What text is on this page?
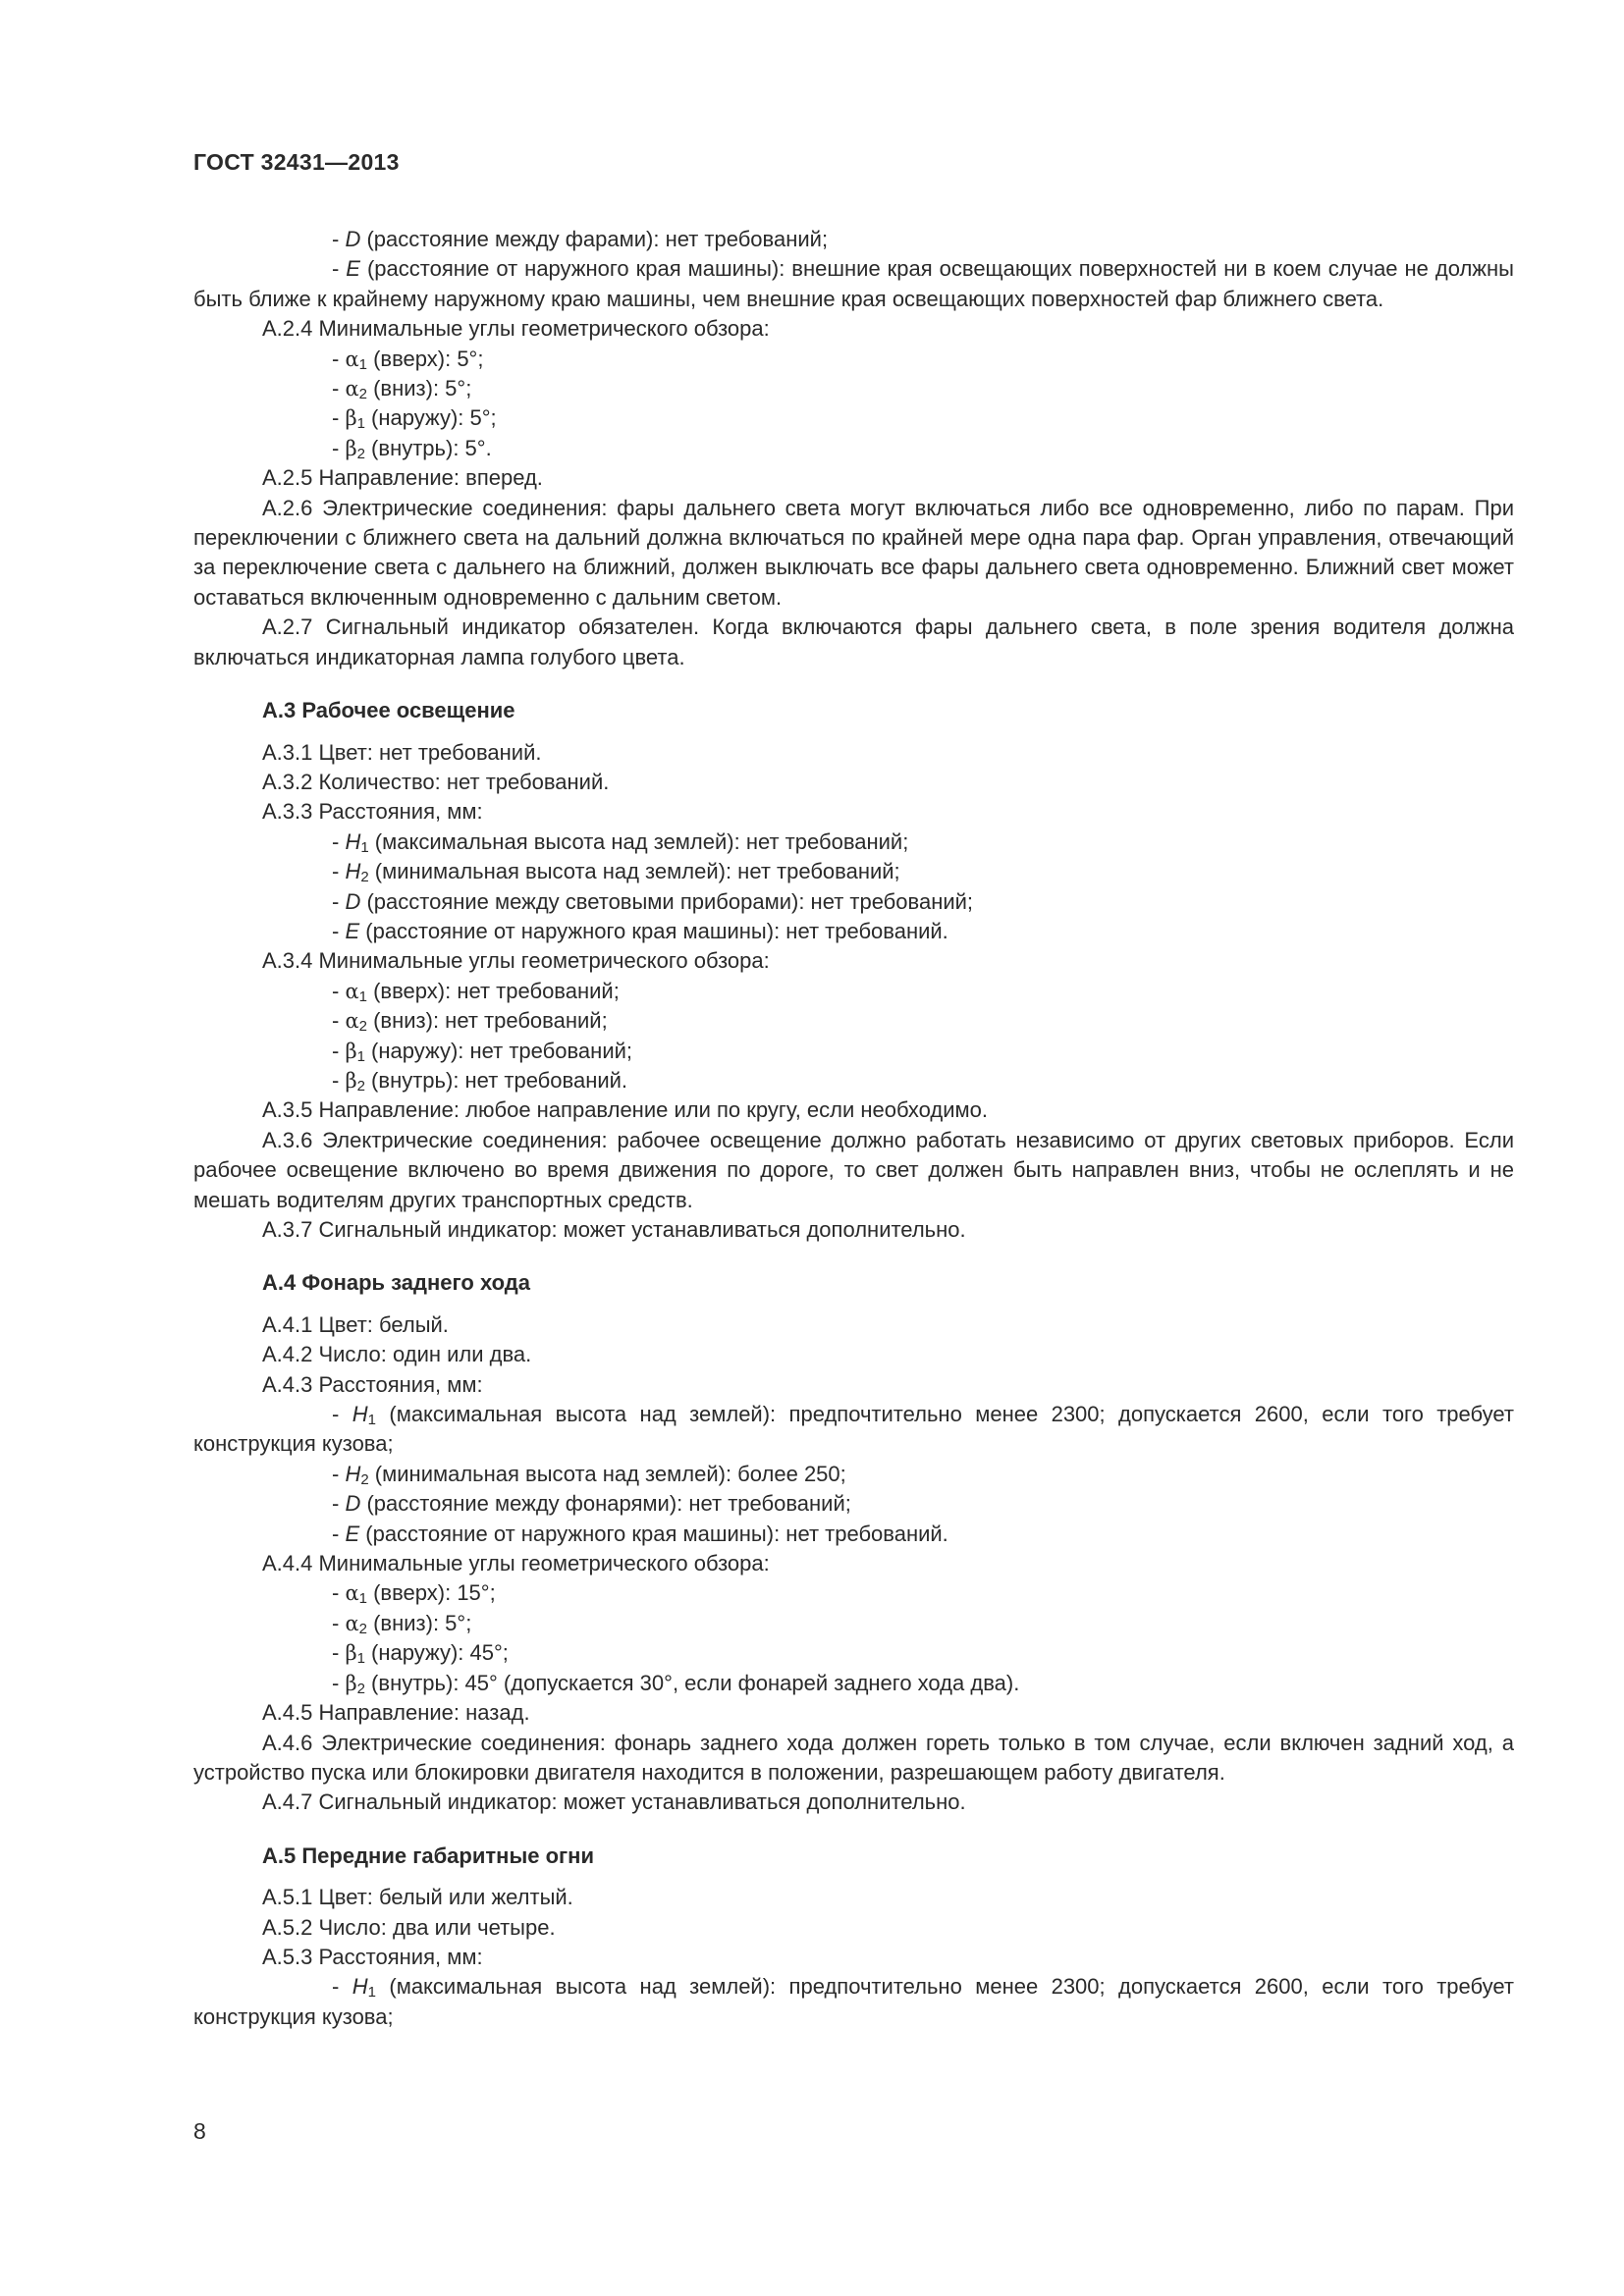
ГОСТ 32431—2013
- D (расстояние между фарами): нет требований;
- E (расстояние от наружного края машины): внешние края освещающих поверхностей ни в коем случае не должны быть ближе к крайнему наружному краю машины, чем внешние края освещающих поверхностей фар ближнего света.
А.2.4 Минимальные углы геометрического обзора:
- $\alpha_1$ (вверх): 5°;
- $\alpha_2$ (вниз): 5°;
- $\beta_1$ (наружу): 5°;
- $\beta_2$ (внутрь): 5°.
А.2.5 Направление: вперед.
А.2.6 Электрические соединения: фары дальнего света могут включаться либо все одновременно, либо по парам. При переключении с ближнего света на дальний должна включаться по крайней мере одна пара фар. Орган управления, отвечающий за переключение света с дальнего на ближний, должен выключать все фары дальнего света одновременно. Ближний свет может оставаться включенным одновременно с дальним светом.
А.2.7 Сигнальный индикатор обязателен. Когда включаются фары дальнего света, в поле зрения водителя должна включаться индикаторная лампа голубого цвета.
А.3 Рабочее освещение
А.3.1 Цвет: нет требований.
А.3.2 Количество: нет требований.
А.3.3 Расстояния, мм:
- $H_1$ (максимальная высота над землей): нет требований;
- $H_2$ (минимальная высота над землей): нет требований;
- D (расстояние между световыми приборами): нет требований;
- E (расстояние от наружного края машины): нет требований.
А.3.4 Минимальные углы геометрического обзора:
- $\alpha_1$ (вверх): нет требований;
- $\alpha_2$ (вниз): нет требований;
- $\beta_1$ (наружу): нет требований;
- $\beta_2$ (внутрь): нет требований.
А.3.5 Направление: любое направление или по кругу, если необходимо.
А.3.6 Электрические соединения: рабочее освещение должно работать независимо от других световых приборов. Если рабочее освещение включено во время движения по дороге, то свет должен быть направлен вниз, чтобы не ослеплять и не мешать водителям других транспортных средств.
А.3.7 Сигнальный индикатор: может устанавливаться дополнительно.
А.4 Фонарь заднего хода
А.4.1 Цвет: белый.
А.4.2 Число: один или два.
А.4.3 Расстояния, мм:
- $H_1$ (максимальная высота над землей): предпочтительно менее 2300; допускается 2600, если того требует конструкция кузова;
- $H_2$ (минимальная высота над землей): более 250;
- D (расстояние между фонарями): нет требований;
- E (расстояние от наружного края машины): нет требований.
А.4.4 Минимальные углы геометрического обзора:
- $\alpha_1$ (вверх): 15°;
- $\alpha_2$ (вниз): 5°;
- $\beta_1$ (наружу): 45°;
- $\beta_2$ (внутрь): 45° (допускается 30°, если фонарей заднего хода два).
А.4.5 Направление: назад.
А.4.6 Электрические соединения: фонарь заднего хода должен гореть только в том случае, если включен задний ход, а устройство пуска или блокировки двигателя находится в положении, разрешающем работу двигателя.
А.4.7 Сигнальный индикатор: может устанавливаться дополнительно.
А.5 Передние габаритные огни
А.5.1 Цвет: белый или желтый.
А.5.2 Число: два или четыре.
А.5.3 Расстояния, мм:
- $H_1$ (максимальная высота над землей): предпочтительно менее 2300; допускается 2600, если того требует конструкция кузова;
8
